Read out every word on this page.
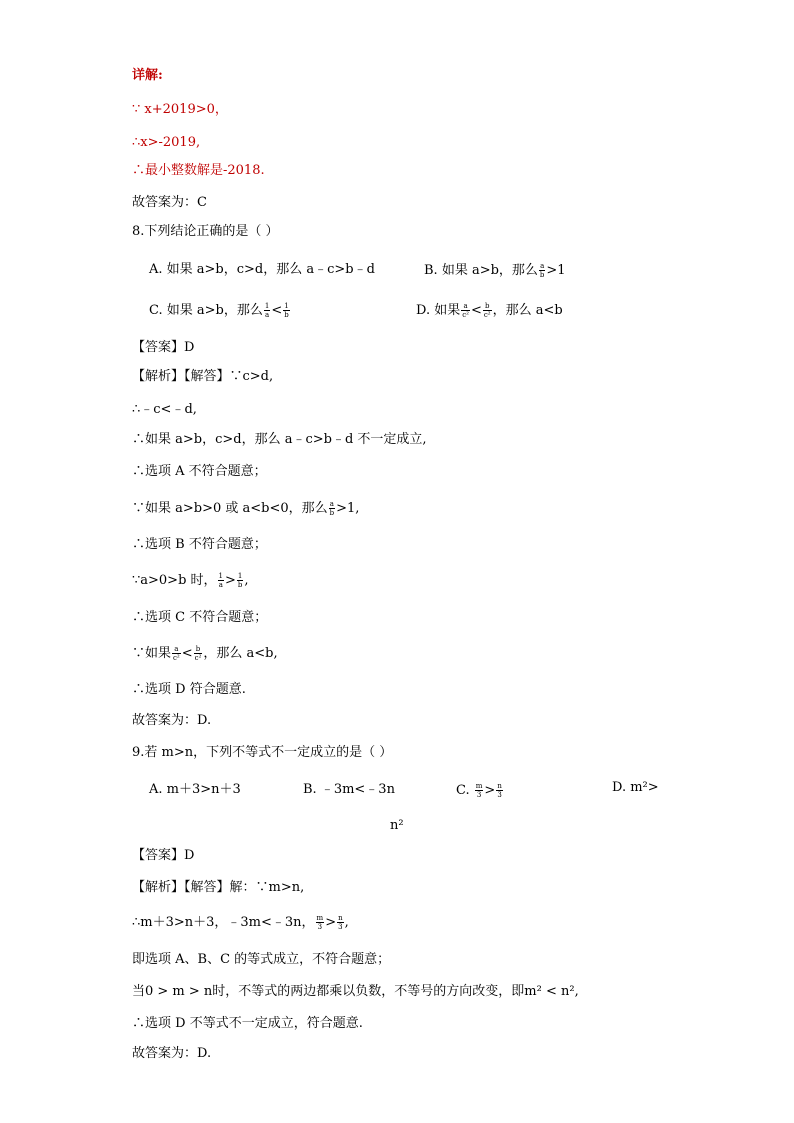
详解:
∵ x+2019>0，
∴x>-2019,
∴最小整数解是-2018.
故答案为：C
8.下列结论正确的是（ ）
A. 如果 a>b，c>d，那么 a﹣c>b﹣d	B. 如果 a>b，那么 $\frac{a}{b} >1$
C. 如果 a>b，那么 $\frac{1}{a} < \frac{1}{b}$	D. 如果 $\frac{a}{\text{c²}} < \frac{b}{\text{c²}}$ ，那么 a<b
【答案】D
【解析】【解答】∵c>d,
∴﹣c<﹣d,
∴如果 a>b，c>d，那么 a﹣c>b﹣d 不一定成立,
∴选项 A 不符合题意；
∵如果 a>b>0 或 a<b<0，那么 $\frac{a}{b} >1$,
∴选项 B 不符合题意；
∵a>0>b 时， $\frac{1}{a} > \frac{1}{b}$ ,
∴选项 C 不符合题意；
∵如果 $\frac{a}{\text{c²}} < \frac{b}{\text{c²}}$ ，那么 a<b,
∴选项 D 符合题意.
故答案为：D.
9.若 m>n，下列不等式不一定成立的是（ ）
A. m＋3>n＋3	B. ﹣3m<﹣3n	C. $\frac{m}{3} > \frac{n}{3}$	D. m²>
n²
【答案】D
【解析】【解答】解：∵m>n,
∴m＋3>n＋3，﹣3m<﹣3n， $\frac{m}{3} > \frac{n}{3}$ ,
即选项 A、B、C 的等式成立，不符合题意；
当0 > m > n时，不等式的两边都乘以负数，不等号的方向改变，即m² < n²,
∴选项 D 不等式不一定成立，符合题意.
故答案为：D.
